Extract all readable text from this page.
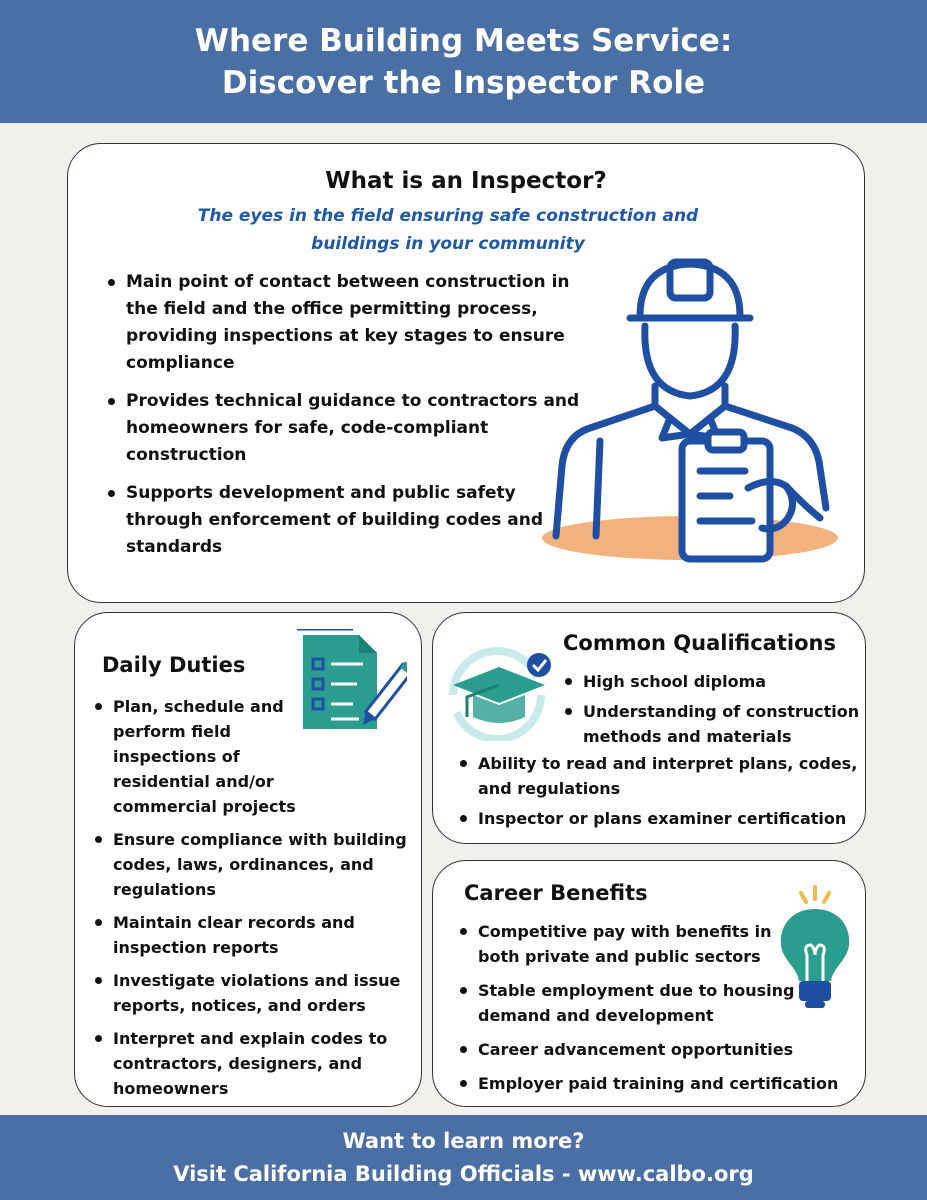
Where Building Meets Service:
Discover the Inspector Role
What is an Inspector?
The eyes in the field ensuring safe construction and buildings in your community
Main point of contact between construction in the field and the office permitting process, providing inspections at key stages to ensure compliance
Provides technical guidance to contractors and homeowners for safe, code-compliant construction
Supports development and public safety through enforcement of building codes and standards
Daily Duties
Plan, schedule and perform field inspections of residential and/or commercial projects
Ensure compliance with building codes, laws, ordinances, and regulations
Maintain clear records and inspection reports
Investigate violations and issue reports, notices, and orders
Interpret and explain codes to contractors, designers, and homeowners
Common Qualifications
High school diploma
Understanding of construction methods and materials
Ability to read and interpret plans, codes, and regulations
Inspector or plans examiner certification
Career Benefits
Competitive pay with benefits in both private and public sectors
Stable employment due to housing demand and development
Career advancement opportunities
Employer paid training and certification
Want to learn more?
Visit California Building Officials - www.calbo.org
